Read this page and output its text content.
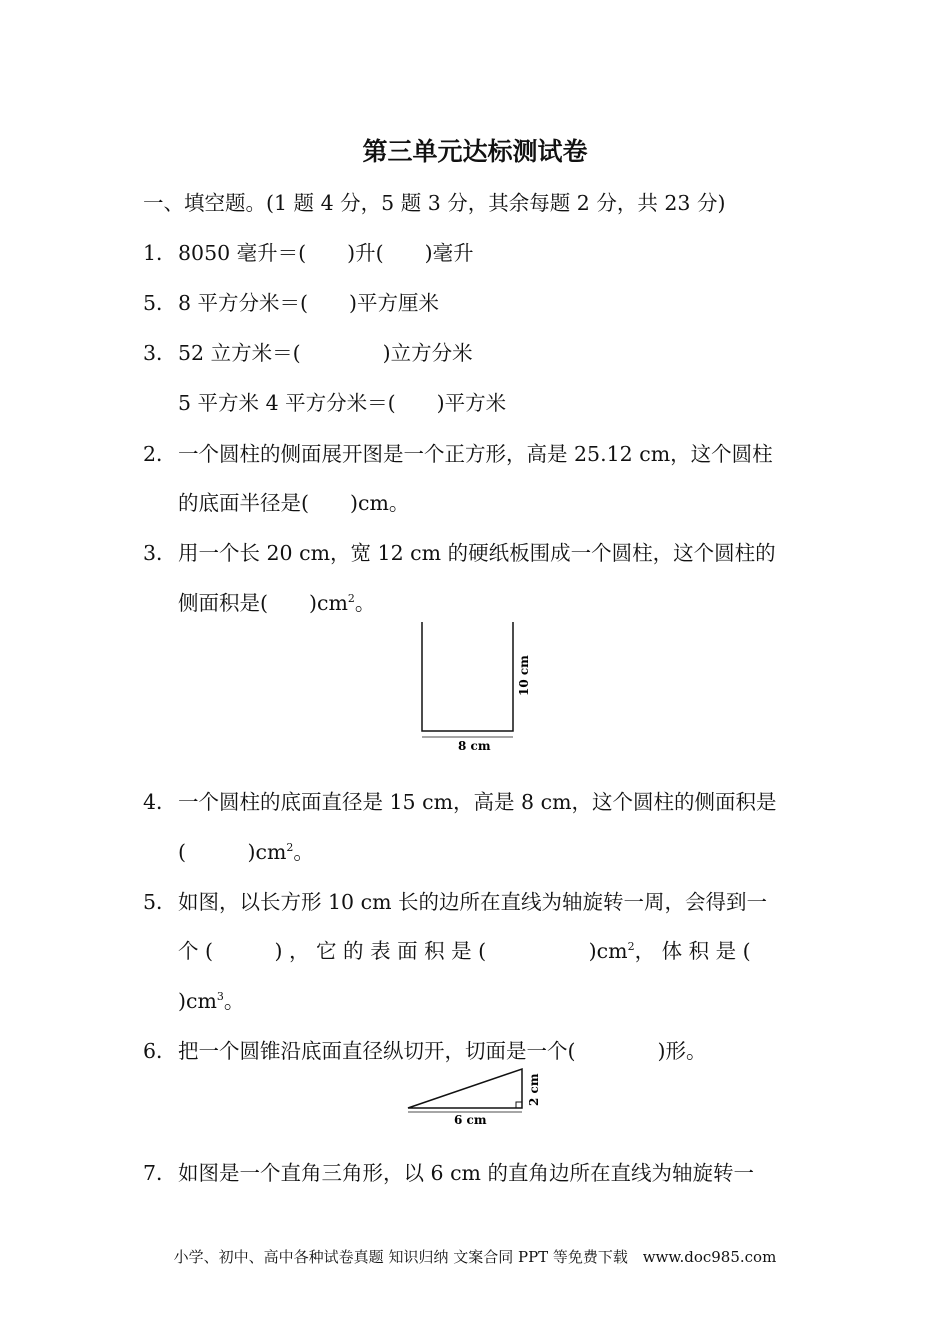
第三单元达标测试卷
一、填空题。(1 题 4 分，5 题 3 分，其余每题 2 分，共 23 分)
1．8050 毫升＝(　　)升(　　)毫升
5．8 平方分米＝(　　)平方厘米
3．52 立方米＝(　　　　)立方分米
5 平方米 4 平方分米＝(　　)平方米
2．一个圆柱的侧面展开图是一个正方形，高是 25.12 cm，这个圆柱
的底面半径是(　　)cm。
3．用一个长 20 cm，宽 12 cm 的硬纸板围成一个圆柱，这个圆柱的
侧面积是(　　)$cm^2$。
8 cm
10 cm
4．一个圆柱的底面直径是 15 cm，高是 8 cm，这个圆柱的侧面积是
(　　　)$cm^2$。
5．如图，以长方形 10 cm 长的边所在直线为轴旋转一周，会得到一
个 (　　　) ， 它 的 表 面 积 是 (　　　　　)$cm^2$， 体 积 是 (
)$cm^3$。
6．把一个圆锥沿底面直径纵切开，切面是一个(　　　　)形。
6 cm
2 cm
7．如图是一个直角三角形，以 6 cm 的直角边所在直线为轴旋转一
小学、初中、高中各种试卷真题 知识归纳 文案合同 PPT 等免费下载 www.doc985.com
